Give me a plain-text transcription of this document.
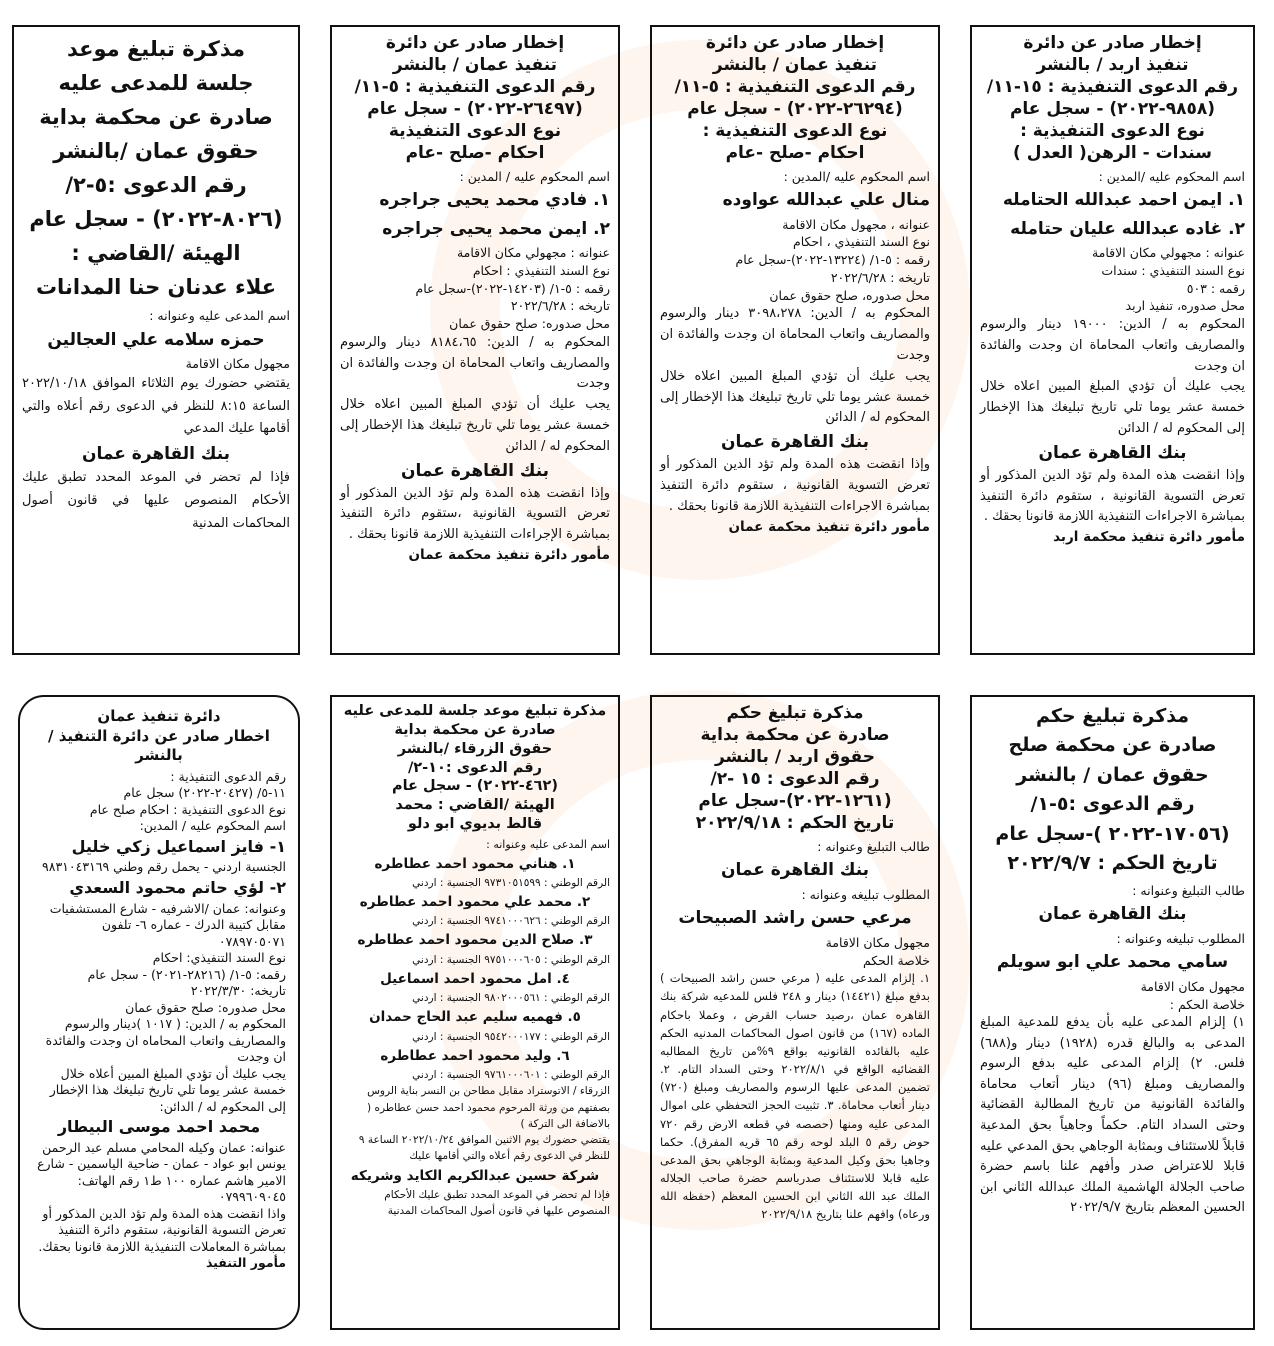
إخطار صادر عن دائرة
تنفيذ اربد / بالنشر
رقم الدعوى التنفيذية : ١٥-١١/
(٩٨٥٨-٢٠٢٢) - سجل عام
نوع الدعوى التنفيذية :
سندات - الرهن( العدل )

اسم المحكوم عليه /المدين :

١. ايمن احمد عبدالله الحتامله
٢. غاده عبدالله عليان حتامله

عنوانه : مجهولي مكان الاقامة

نوع السند التنفيذي : سندات

رقمه : ٥٠٣

محل صدوره، تنفيذ اربد

المحكوم به / الدين: ١٩٠٠٠ دينار والرسوم والمصاريف واتعاب المحاماة ان وجدت والفائدة ان وجدت

يجب عليك أن تؤدي المبلغ المبين اعلاه خلال خمسة عشر يوما تلي تاريخ تبليغك هذا الإخطار إلى المحكوم له / الدائن

بنك القاهرة عمان

وإذا انقضت هذه المدة ولم تؤد الدين المذكور أو تعرض التسوية القانونية ، ستقوم دائرة التنفيذ بمباشرة الاجراءات التنفيذية اللازمة قانونا بحقك .

مأمور دائرة تنفيذ محكمة اربد

إخطار صادر عن دائرة
تنفيذ عمان / بالنشر
رقم الدعوى التنفيذية : ٥-١١/
(٢٦٢٩٤-٢٠٢٢) - سجل عام
نوع الدعوى التنفيذية :
احكام -صلح -عام

اسم المحكوم عليه /المدين :

منال علي عبدالله عواوده

عنوانه ، مجهول مكان الاقامة

نوع السند التنفيذي ، احكام

رقمه : ٥-١/ (١٣٢٢٤-٢٠٢٢)-سجل عام

تاريخه : ٢٠٢٢/٦/٢٨

محل صدوره، صلح حقوق عمان

المحكوم به / الدين: ٣٠٩٨،٢٧٨ دينار والرسوم والمصاريف واتعاب المحاماة ان وجدت والفائدة ان وجدت

يجب عليك أن تؤدي المبلغ المبين اعلاه خلال خمسة عشر يوما تلي تاريخ تبليغك هذا الإخطار إلى المحكوم له / الدائن

بنك القاهرة عمان

وإذا انقضت هذه المدة ولم تؤد الدين المذكور أو تعرض التسوية القانونية ، ستقوم دائرة التنفيذ بمباشرة الاجراءات التنفيذية اللازمة قانونا بحقك .

مأمور دائرة تنفيذ محكمة عمان

إخطار صادر عن دائرة
تنفيذ عمان / بالنشر
رقم الدعوى التنفيذية : ٥-١١/
(٢٦٤٩٧-٢٠٢٢) - سجل عام
نوع الدعوى التنفيذية
احكام -صلح -عام

اسم المحكوم عليه / المدين :

١. فادي محمد يحيى جراجره
٢. ايمن محمد يحيى جراجره

عنوانه : مجهولي مكان الاقامة

نوع السند التنفيذي : احكام

رقمه : ٥-١/ (١٤٢٠٣-٢٠٢٢)-سجل عام

تاريخه : ٢٠٢٢/٦/٢٨

محل صدوره: صلح حقوق عمان

المحكوم به / الدين: ٨١٨٤،٦٥ دينار والرسوم والمصاريف واتعاب المحاماة ان وجدت والفائدة ان وجدت

يجب عليك أن تؤدي المبلغ المبين اعلاه خلال خمسة عشر يوما تلي تاريخ تبليغك هذا الإخطار إلى المحكوم له / الدائن

بنك القاهرة عمان

وإذا انقضت هذه المدة ولم تؤد الدين المذكور أو تعرض التسوية القانونية ،ستقوم دائرة التنفيذ بمباشرة الإجراءات التنفيذية اللازمة قانونا بحقك .

مأمور دائرة تنفيذ محكمة عمان

مذكرة تبليغ موعد
جلسة للمدعى عليه
صادرة عن محكمة بداية
حقوق عمان /بالنشر
رقم الدعوى :٥-٢/
(٨٠٢٦-٢٠٢٢) - سجل عام
الهيئة /القاضي :
علاء عدنان حنا المدانات

اسم المدعى عليه وعنوانه :

حمزه سلامه علي العجالين

مجهول مكان الاقامة

يقتضي حضورك يوم الثلاثاء الموافق ٢٠٢٢/١٠/١٨ الساعة ٨:١٥ للنظر في الدعوى رقم أعلاه والتي أقامها عليك المدعي

بنك القاهرة عمان

فإذا لم تحضر في الموعد المحدد تطبق عليك الأحكام المنصوص عليها في قانون أصول المحاكمات المدنية

مذكرة تبليغ حكم
صادرة عن محكمة صلح
حقوق عمان / بالنشر
رقم الدعوى :٥-١/
(١٧٠٥٦-٢٠٢٢ )-سجل عام
تاريخ الحكم : ٢٠٢٢/٩/٧

طالب التبليغ وعنوانه :

بنك القاهرة عمان

المطلوب تبليغه وعنوانه :

سامي محمد علي ابو سويلم

مجهول مكان الاقامة

خلاصة الحكم :

١) إلزام المدعى عليه بأن يدفع للمدعية المبلغ المدعى به والبالغ قدره (١٩٢٨) دينار و(٦٨٨) فلس. ٢) إلزام المدعى عليه بدفع الرسوم والمصاريف ومبلغ (٩٦) دينار أتعاب محاماة والفائدة القانونية من تاريخ المطالبة القضائية وحتى السداد التام. حكماً وجاهياً بحق المدعية قابلاً للاستئناف وبمثابة الوجاهي بحق المدعي عليه قابلا للاعتراض صدر وأفهم علنا باسم حضرة صاحب الجلالة الهاشمية الملك عبدالله الثاني ابن الحسين المعظم بتاريخ ٢٠٢٢/٩/٧

مذكرة تبليغ حكم
صادرة عن محكمة بداية
حقوق اربد / بالنشر
رقم الدعوى : ١٥ -٢/
(١٢٦١-٢٠٢٢)-سجل عام
تاريخ الحكم : ٢٠٢٢/٩/١٨

طالب التبليغ وعنوانه :

بنك القاهرة عمان

المطلوب تبليغه وعنوانه :

مرعي حسن راشد الصبيحات

مجهول مكان الاقامة

خلاصة الحكم

١. إلزام المدعى عليه ( مرعي حسن راشد الصبيحات ) بدفع مبلغ (١٤٤٢١) دينار و ٢٤٨ فلس للمدعيه شركة بنك القاهره عمان ،رصيد حساب القرض ، وعملا باحكام الماده (١٦٧) من قانون اصول المحاكمات المدنيه الحكم عليه بالفائده القانونيه بواقع ٩%من تاريخ المطالبه القضائيه الواقع في ٢٠٢٢/٨/١ وحتى السداد التام. ٢. تضمين المدعى عليها الرسوم والمصاريف ومبلغ (٧٢٠) دينار أتعاب محاماة. ٣. تثبيت الحجز التحفظي على اموال المدعى عليه ومنها (حصصه في قطعه الارض رقم ٧٢٠ حوض رقم ٥ البلد لوحه رقم ٦٥ قريه المفرق). حكما وجاهيا بحق وكيل المدعية وبمثابة الوجاهي بحق المدعى عليه قابلا للاستئناف صدرباسم حضرة صاحب الجلاله الملك عبد الله الثاني ابن الحسين المعظم (حفظه الله ورعاه) وافهم علنا بتاريخ ٢٠٢٢/٩/١٨

مذكرة تبليغ موعد جلسة للمدعى عليه
صادرة عن محكمة بداية
حقوق الزرقاء /بالنشر
رقم الدعوى :١٠-٢/
(٤٦٢-٢٠٢٢) - سجل عام
الهيئة /القاضي : محمد
قالط بديوي ابو دلو

اسم المدعى عليه وعنوانه :

١. هناني محمود احمد عطاطره

الرقم الوطني : ٩٧٣١٠٥١٥٩٩ الجنسية : اردني

٢. محمد علي محمود احمد عطاطره

الرقم الوطني : ٩٧٤١٠٠٠٦٢٦ الجنسية : اردني

٣. صلاح الدين محمود احمد عطاطره

الرقم الوطني : ٩٧٥١٠٠٠٦٠٥ الجنسية : اردني

٤. امل محمود احمد اسماعيل

الرقم الوطني : ٩٨٠٢٠٠٠٥٦١ الجنسية : اردني

٥. فهميه سليم عبد الحاج حمدان

الرقم الوطني : ٩٥٤٢٠٠٠١٧٧ الجنسية : اردني

٦. وليد محمود احمد عطاطره

الرقم الوطني : ٩٧٦١٠٠٠٦٠١ الجنسية : اردني

الزرقاء / الاتوستراد مقابل مطاحن بن النسر بناية الروس

بصفتهم من ورثة المرحوم محمود احمد حسن عطاطره ( بالاضافة الى التركة )

يقتضي حضورك يوم الاثنين الموافق ٢٠٢٢/١٠/٢٤ الساعة ٩ للنظر في الدعوى رقم أعلاه والتي أقامها عليك

شركة حسين عبدالكريم الكايد وشريكه

فإذا لم تحضر في الموعد المحدد تطبق عليك الأحكام المنصوص عليها في قانون أصول المحاكمات المدنية

دائرة تنفيذ عمان
اخطار صادر عن دائرة التنفيذ / بالنشر

رقم الدعوى التنفيذية :

١١-٥/ (٢٠٤٢٧-٢٠٢٢) سجل عام

نوع الدعوى التنفيذية : احكام صلح عام

اسم المحكوم عليه / المدين:

١- فايز اسماعيل زكي خليل

الجنسية اردني - يحمل رقم وطني ٩٨٣١٠٤٣١٦٩

٢- لؤي حاتم محمود السعدي

وعنوانه: عمان /الاشرفيه - شارع المستشفيات مقابل كتيبة الدرك - عماره ٦- تلفون ٠٧٨٩٧٠٥٠٧١

نوع السند التنفيذي: احكام

رقمه: ٥-١/ (٢٨٢١٦-٢٠٢١) - سجل عام

تاريخه: ٢٠٢٢/٣/٣٠

محل صدوره: صلح حقوق عمان

المحكوم به / الدين: ( ١٠١٧ )دينار والرسوم والمصاريف واتعاب المحاماه ان وجدت والفائدة ان وجدت

يجب عليك أن تؤدي المبلغ المبين أعلاه خلال خمسة عشر يوما تلي تاريخ تبليغك هذا الإخطار إلى المحكوم له / الدائن:

محمد احمد موسى البيطار

عنوانه: عمان وكيله المحامي مسلم عبد الرحمن يونس ابو عواد - عمان - ضاحية الياسمين - شارع الامير هاشم عماره ١٠٠ ط١ رقم الهاتف: ٠٧٩٩٦٠٩٠٤٥

واذا انقضت هذه المدة ولم تؤد الدين المذكور أو تعرض التسوية القانونية، ستقوم دائرة التنفيذ بمباشرة المعاملات التنفيذية اللازمة قانونا بحقك.

مأمور التنفيذ
